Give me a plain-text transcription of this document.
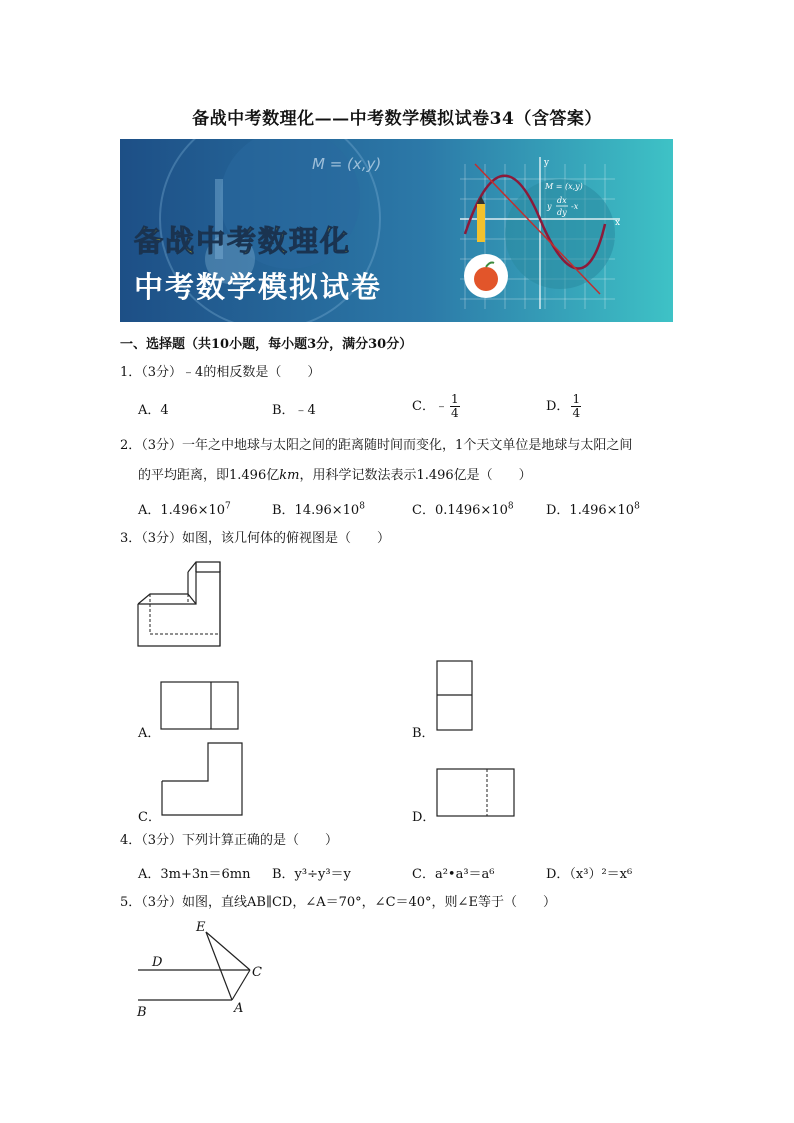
备战中考数理化——中考数学模拟试卷34（含答案）
M = (x,y)
x
y
M = (x,y)
y
dx
dy
-x
备战中考数理化
中考数学模拟试卷
一、选择题（共10小题，每小题3分，满分30分）
1．（3分）﹣4的相反数是（　　）
A．4	B．﹣4	C．﹣ $\frac{1}{4}$	D． $\frac{1}{4}$
2．（3分）一年之中地球与太阳之间的距离随时间而变化，1个天文单位是地球与太阳之间
的平均距离，即1.496亿km，用科学记数法表示1.496亿是（　　）
A．$1.496\times 10^7$	B．$14.96\times 10^8$	C．$0.1496\times 10^8$ D．$1.496\times 10^8$
3．（3分）如图，该几何体的俯视图是（　　）
A．	B．
C．	D．
4．（3分）下列计算正确的是（　　）
A．3m+3n＝6mn B．y³÷y³＝y	C．a²•a³＝a⁶	D．（x³）²＝x⁶
5．（3分）如图，直线AB∥CD，∠A＝70°，∠C＝40°，则∠E等于（　　）
E
D
C
B	A
